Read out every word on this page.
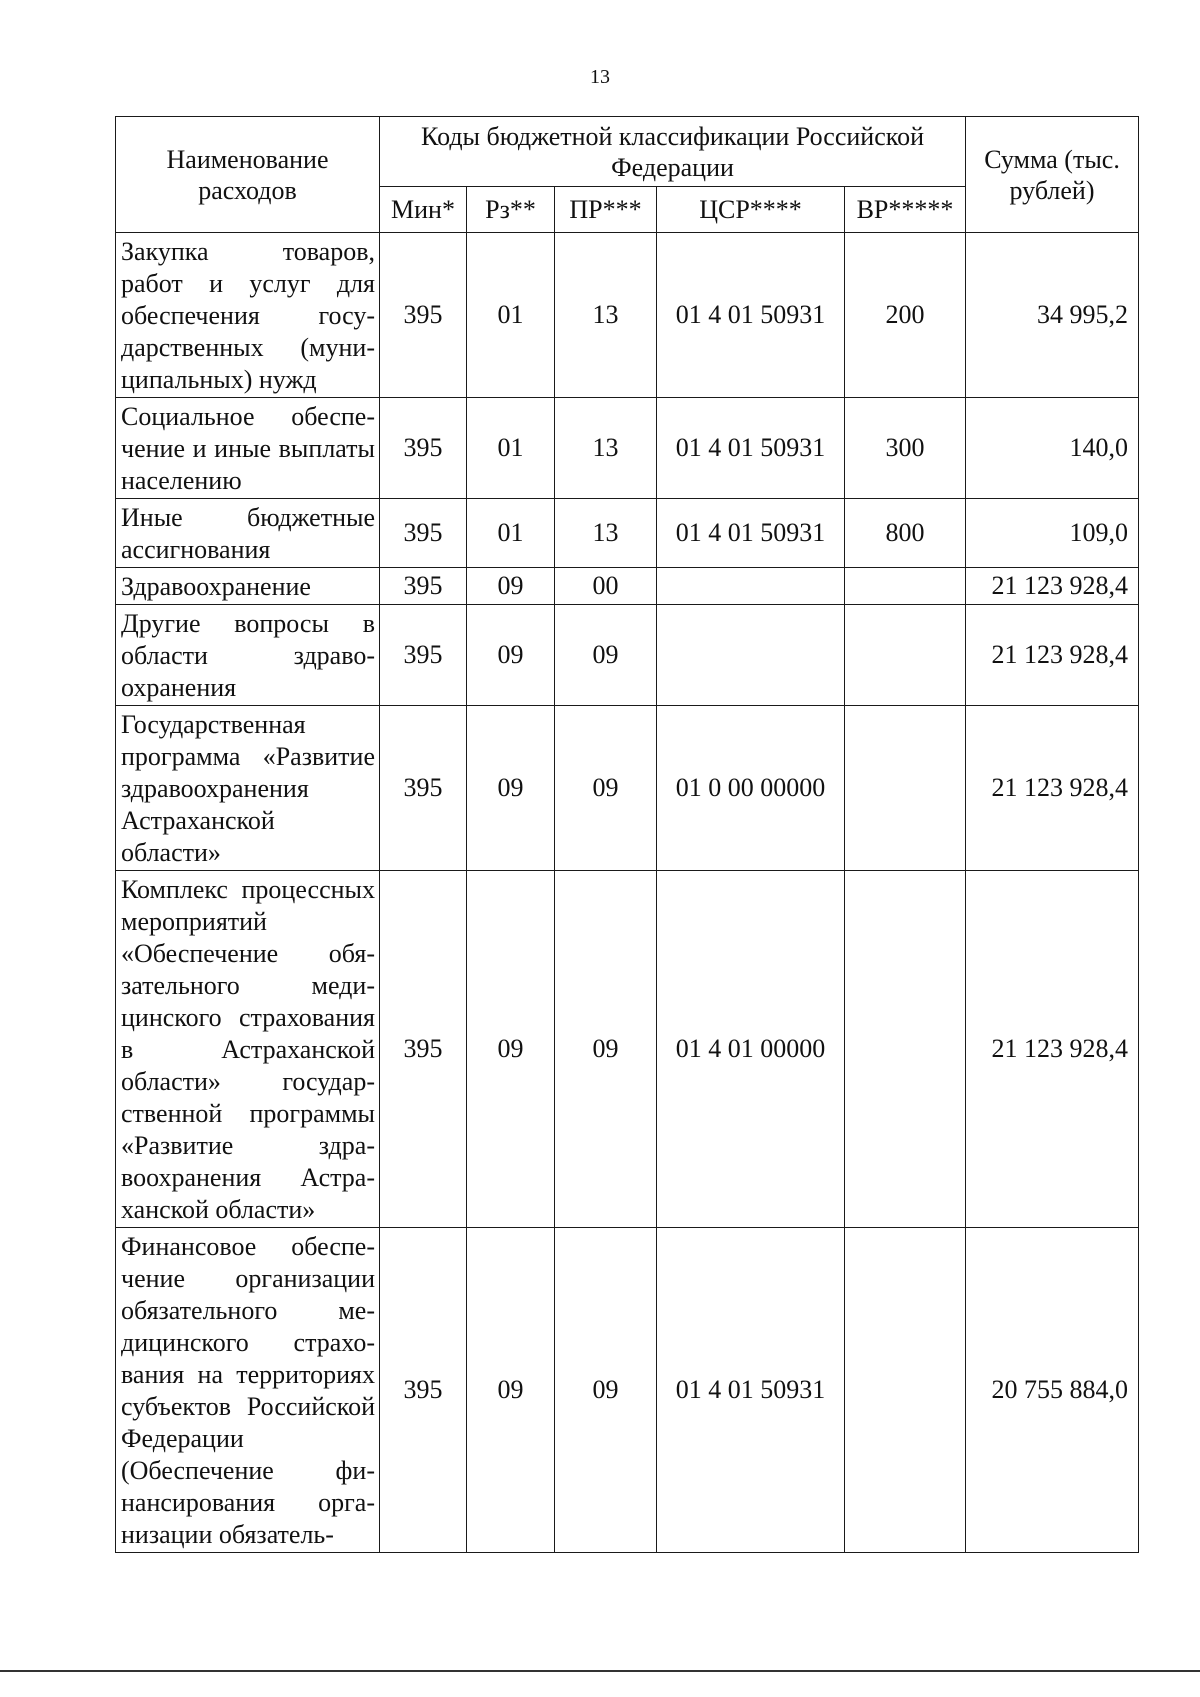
13
Наименование расходов	Коды бюджетной классификации Российской Федерации					Сумма (тыс. рублей)
	Мин*	Рз**	ПР***	ЦСР****	ВР*****	
Закупка товаров, работ и услуг для обеспечения государственных (муниципальных) нужд	395	01	13	01 4 01 50931	200	34 995,2
Социальное обеспечение и иные выплаты населению	395	01	13	01 4 01 50931	300	140,0
Иные бюджетные ассигнования	395	01	13	01 4 01 50931	800	109,0
Здравоохранение	395	09	00			21 123 928,4
Другие вопросы в области здравоохранения	395	09	09			21 123 928,4
Государственная программа «Развитие здравоохранения Астраханской области»	395	09	09	01 0 00 00000		21 123 928,4
Комплекс процессных мероприятий «Обеспечение обязательного медицинского страхования в Астраханской области» государственной программы «Развитие здравоохранения Астраханской области»	395	09	09	01 4 01 00000		21 123 928,4
Финансовое обеспечение организации обязательного медицинского страхования на территориях субъектов Российской Федерации (Обеспечение финансирования организации обязатель-	395	09	09	01 4 01 50931		20 755 884,0
